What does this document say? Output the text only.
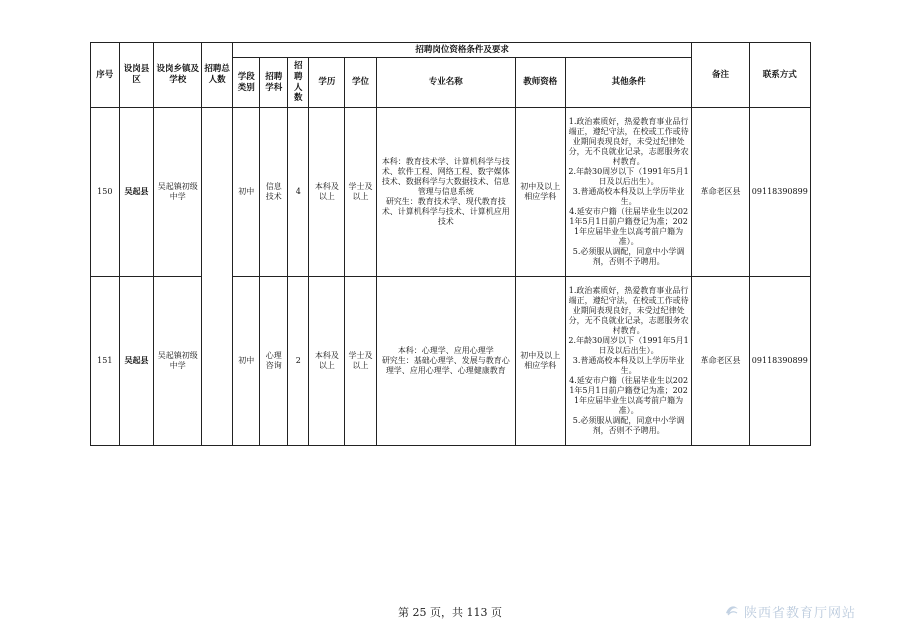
序号	设岗县区	设岗乡镇及学校	招聘总人数	招聘岗位资格条件及要求								备注	联系方式
				学段类别	招聘学科	招聘人数	学历	学位	专业名称	教师资格	其他条件		
150	吴起县	吴起镇初级中学		初中	信息技术	4	本科及以上	学士及以上	本科：教育技术学、计算机科学与技术、软件工程、网络工程、数字媒体技术、数据科学与大数据技术、信息管理与信息系统
研究生：教育技术学、现代教育技术、计算机科学与技术、计算机应用技术	初中及以上相应学科	1.政治素质好，热爱教育事业品行端正，遵纪守法，在校或工作或待业期间表现良好，未受过纪律处分，无不良就业记录，志愿服务农村教育。
2.年龄30周岁以下（1991年5月1日及以后出生）。
3.普通高校本科及以上学历毕业生。
4.延安市户籍（往届毕业生以2021年5月1日前户籍登记为准；2021年应届毕业生以高考前户籍为准）。
5.必须服从调配，同意中小学调剂，否则不予聘用。	革命老区县	09118390899
151	吴起县	吴起镇初级中学		初中	心理咨询	2	本科及以上	学士及以上	本科：心理学、应用心理学
研究生：基础心理学、发展与教育心理学、应用心理学、心理健康教育	初中及以上相应学科	1.政治素质好，热爱教育事业品行端正，遵纪守法，在校或工作或待业期间表现良好，未受过纪律处分，无不良就业记录，志愿服务农村教育。
2.年龄30周岁以下（1991年5月1日及以后出生）。
3.普通高校本科及以上学历毕业生。
4.延安市户籍（往届毕业生以2021年5月1日前户籍登记为准；2021年应届毕业生以高考前户籍为准）。
5.必须服从调配，同意中小学调剂，否则不予聘用。	革命老区县	09118390899
第 25 页，共 113 页	陕西省教育厅网站
